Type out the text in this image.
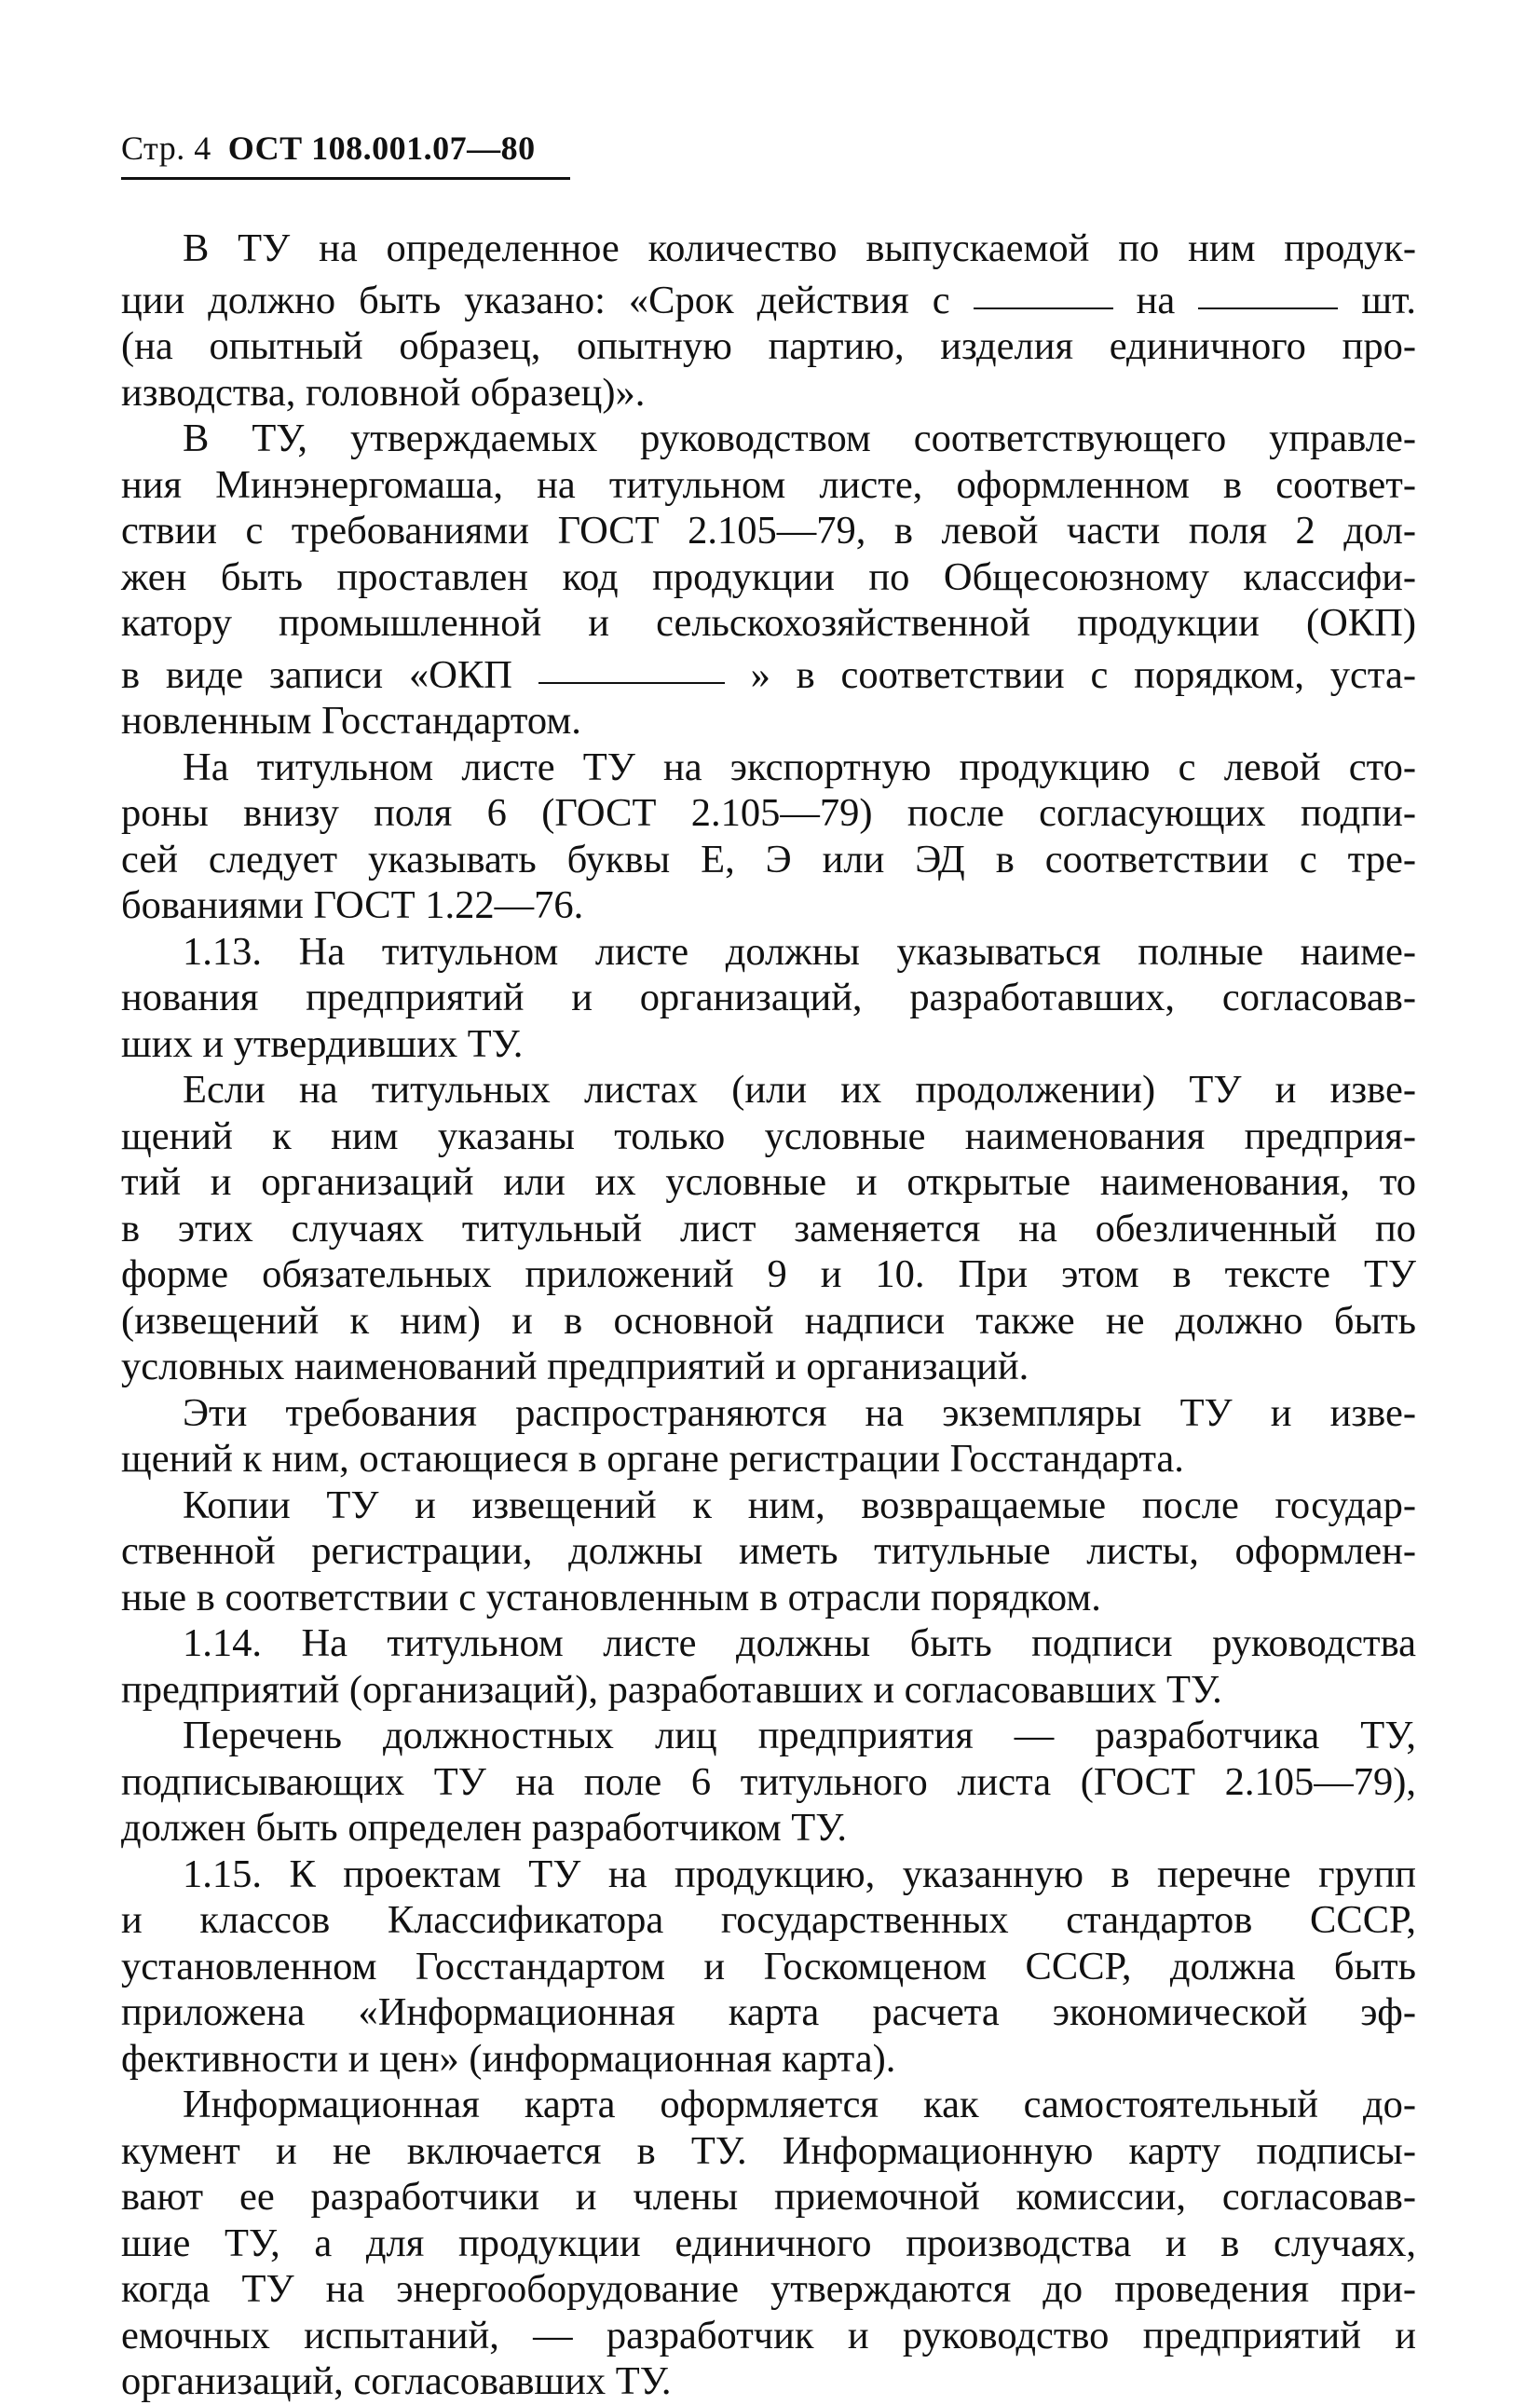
Стр. 4 ОСТ 108.001.07—80
В ТУ на определенное количество выпускаемой по ним продук-
ции должно быть указано: «Срок действия с	на	шт.
(на опытный образец, опытную партию, изделия единичного про-
изводства, головной образец)».
В ТУ, утверждаемых руководством соответствующего управле-
ния Минэнергомаша, на титульном листе, оформленном в соответ-
ствии с требованиями ГОСТ 2.105—79, в левой части поля 2 дол-
жен быть проставлен код продукции по Общесоюзному классифи-
катору промышленной и сельскохозяйственной продукции (ОКП)
в виде записи «ОКП	» в соответствии с порядком, уста-
новленным Госстандартом.
На титульном листе ТУ на экспортную продукцию с левой сто-
роны внизу поля 6 (ГОСТ 2.105—79) после согласующих подпи-
сей следует указывать буквы Е, Э или ЭД в соответствии с тре-
бованиями ГОСТ 1.22—76.
1.13. На титульном листе должны указываться полные наиме-
нования предприятий и организаций, разработавших, согласовав-
ших и утвердивших ТУ.
Если на титульных листах (или их продолжении) ТУ и изве-
щений к ним указаны только условные наименования предприя-
тий и организаций или их условные и открытые наименования, то
в этих случаях титульный лист заменяется на обезличенный по
форме обязательных приложений 9 и 10. При этом в тексте ТУ
(извещений к ним) и в основной надписи также не должно быть
условных наименований предприятий и организаций.
Эти требования распространяются на экземпляры ТУ и изве-
щений к ним, остающиеся в органе регистрации Госстандарта.
Копии ТУ и извещений к ним, возвращаемые после государ-
ственной регистрации, должны иметь титульные листы, оформлен-
ные в соответствии с установленным в отрасли порядком.
1.14. На титульном листе должны быть подписи руководства
предприятий (организаций), разработавших и согласовавших ТУ.
Перечень должностных лиц предприятия — разработчика ТУ,
подписывающих ТУ на поле 6 титульного листа (ГОСТ 2.105—79),
должен быть определен разработчиком ТУ.
1.15. К проектам ТУ на продукцию, указанную в перечне групп
и классов Классификатора государственных стандартов СССР,
установленном Госстандартом и Госкомценом СССР, должна быть
приложена «Информационная карта расчета экономической эф-
фективности и цен» (информационная карта).
Информационная карта оформляется как самостоятельный до-
кумент и не включается в ТУ. Информационную карту подписы-
вают ее разработчики и члены приемочной комиссии, согласовав-
шие ТУ, а для продукции единичного производства и в случаях,
когда ТУ на энергооборудование утверждаются до проведения при-
емочных испытаний, — разработчик и руководство предприятий и
организаций, согласовавших ТУ.
